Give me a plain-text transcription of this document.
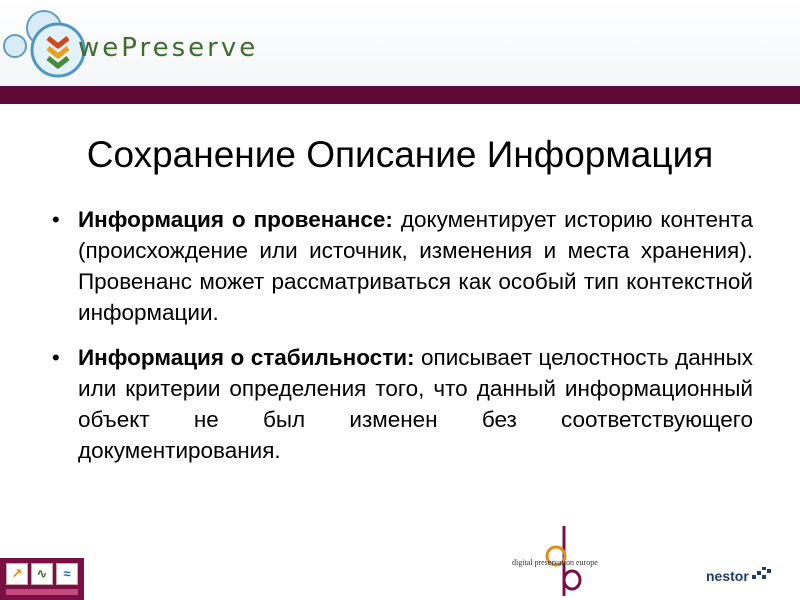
wePreserve
Сохранение Описание Информация
• Информация о провенансе: документирует историю контента (происхождение или источник, изменения и места хранения). Провенанс может рассматриваться как особый тип контекстной информации.
• Информация о стабильности: описывает целостность данных или критерии определения того, что данный информационный объект не был изменен без соответствующего документирования.
↗	∿	≈
digital preservation europe
nestor
